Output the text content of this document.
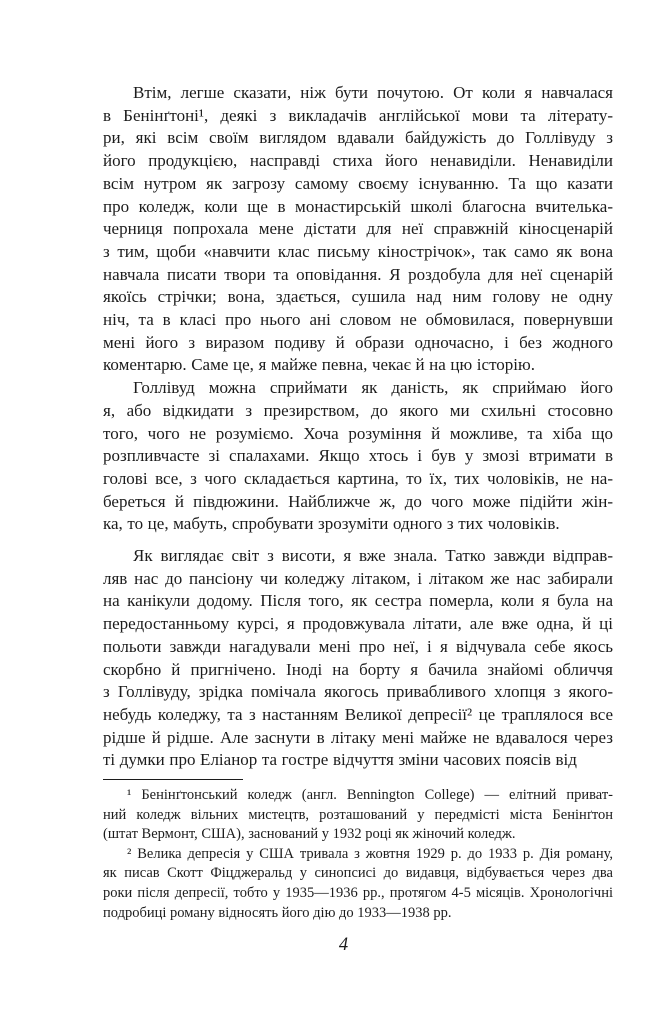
Втім, легше сказати, ніж бути почутою. От коли я навчалася
в Бенінґтоні¹, деякі з викладачів англійської мови та літерату-
ри, які всім своїм виглядом вдавали байдужість до Голлівуду з
його продукцією, насправді стиха його ненавиділи. Ненавиділи
всім нутром як загрозу самому своєму існуванню. Та що казати
про коледж, коли ще в монастирській школі благосна вчителька-
черниця попрохала мене дістати для неї справжній кіносценарій
з тим, щоби «навчити клас письму кінострічок», так само як вона
навчала писати твори та оповідання. Я роздобула для неї сценарій
якоїсь стрічки; вона, здається, сушила над ним голову не одну
ніч, та в класі про нього ані словом не обмовилася, повернувши
мені його з виразом подиву й образи одночасно, і без жодного
коментарю. Саме це, я майже певна, чекає й на цю історію.
Голлівуд можна сприймати як даність, як сприймаю його
я, або відкидати з презирством, до якого ми схильні стосовно
того, чого не розуміємо. Хоча розуміння й можливе, та хіба що
розпливчасте зі спалахами. Якщо хтось і був у змозі втримати в
голові все, з чого складається картина, то їх, тих чоловіків, не на-
береться й півдюжини. Найближче ж, до чого може підійти жін-
ка, то це, мабуть, спробувати зрозуміти одного з тих чоловіків.
Як виглядає світ з висоти, я вже знала. Татко завжди відправ-
ляв нас до пансіону чи коледжу літаком, і літаком же нас забирали
на канікули додому. Після того, як сестра померла, коли я була на
передостанньому курсі, я продовжувала літати, але вже одна, й ці
польоти завжди нагадували мені про неї, і я відчувала себе якось
скорбно й пригнічено. Іноді на борту я бачила знайомі обличчя
з Голлівуду, зрідка помічала якогось привабливого хлопця з якого-
небудь коледжу, та з настанням Великої депресії² це траплялося все
рідше й рідше. Але заснути в літаку мені майже не вдавалося через
ті думки про Еліанор та гостре відчуття зміни часових поясів від
¹ Бенінґтонський коледж (англ. Bennington College) — елітний приват-
ний коледж вільних мистецтв, розташований у передмісті міста Бенінґтон
(штат Вермонт, США), заснований у 1932 році як жіночий коледж.
² Велика депресія у США тривала з жовтня 1929 р. до 1933 р. Дія роману,
як писав Скотт Фіцджеральд у синопсисі до видавця, відбувається через два
роки після депресії, тобто у 1935—1936 рр., протягом 4-5 місяців. Хронологічні
подробиці роману відносять його дію до 1933—1938 рр.
4
